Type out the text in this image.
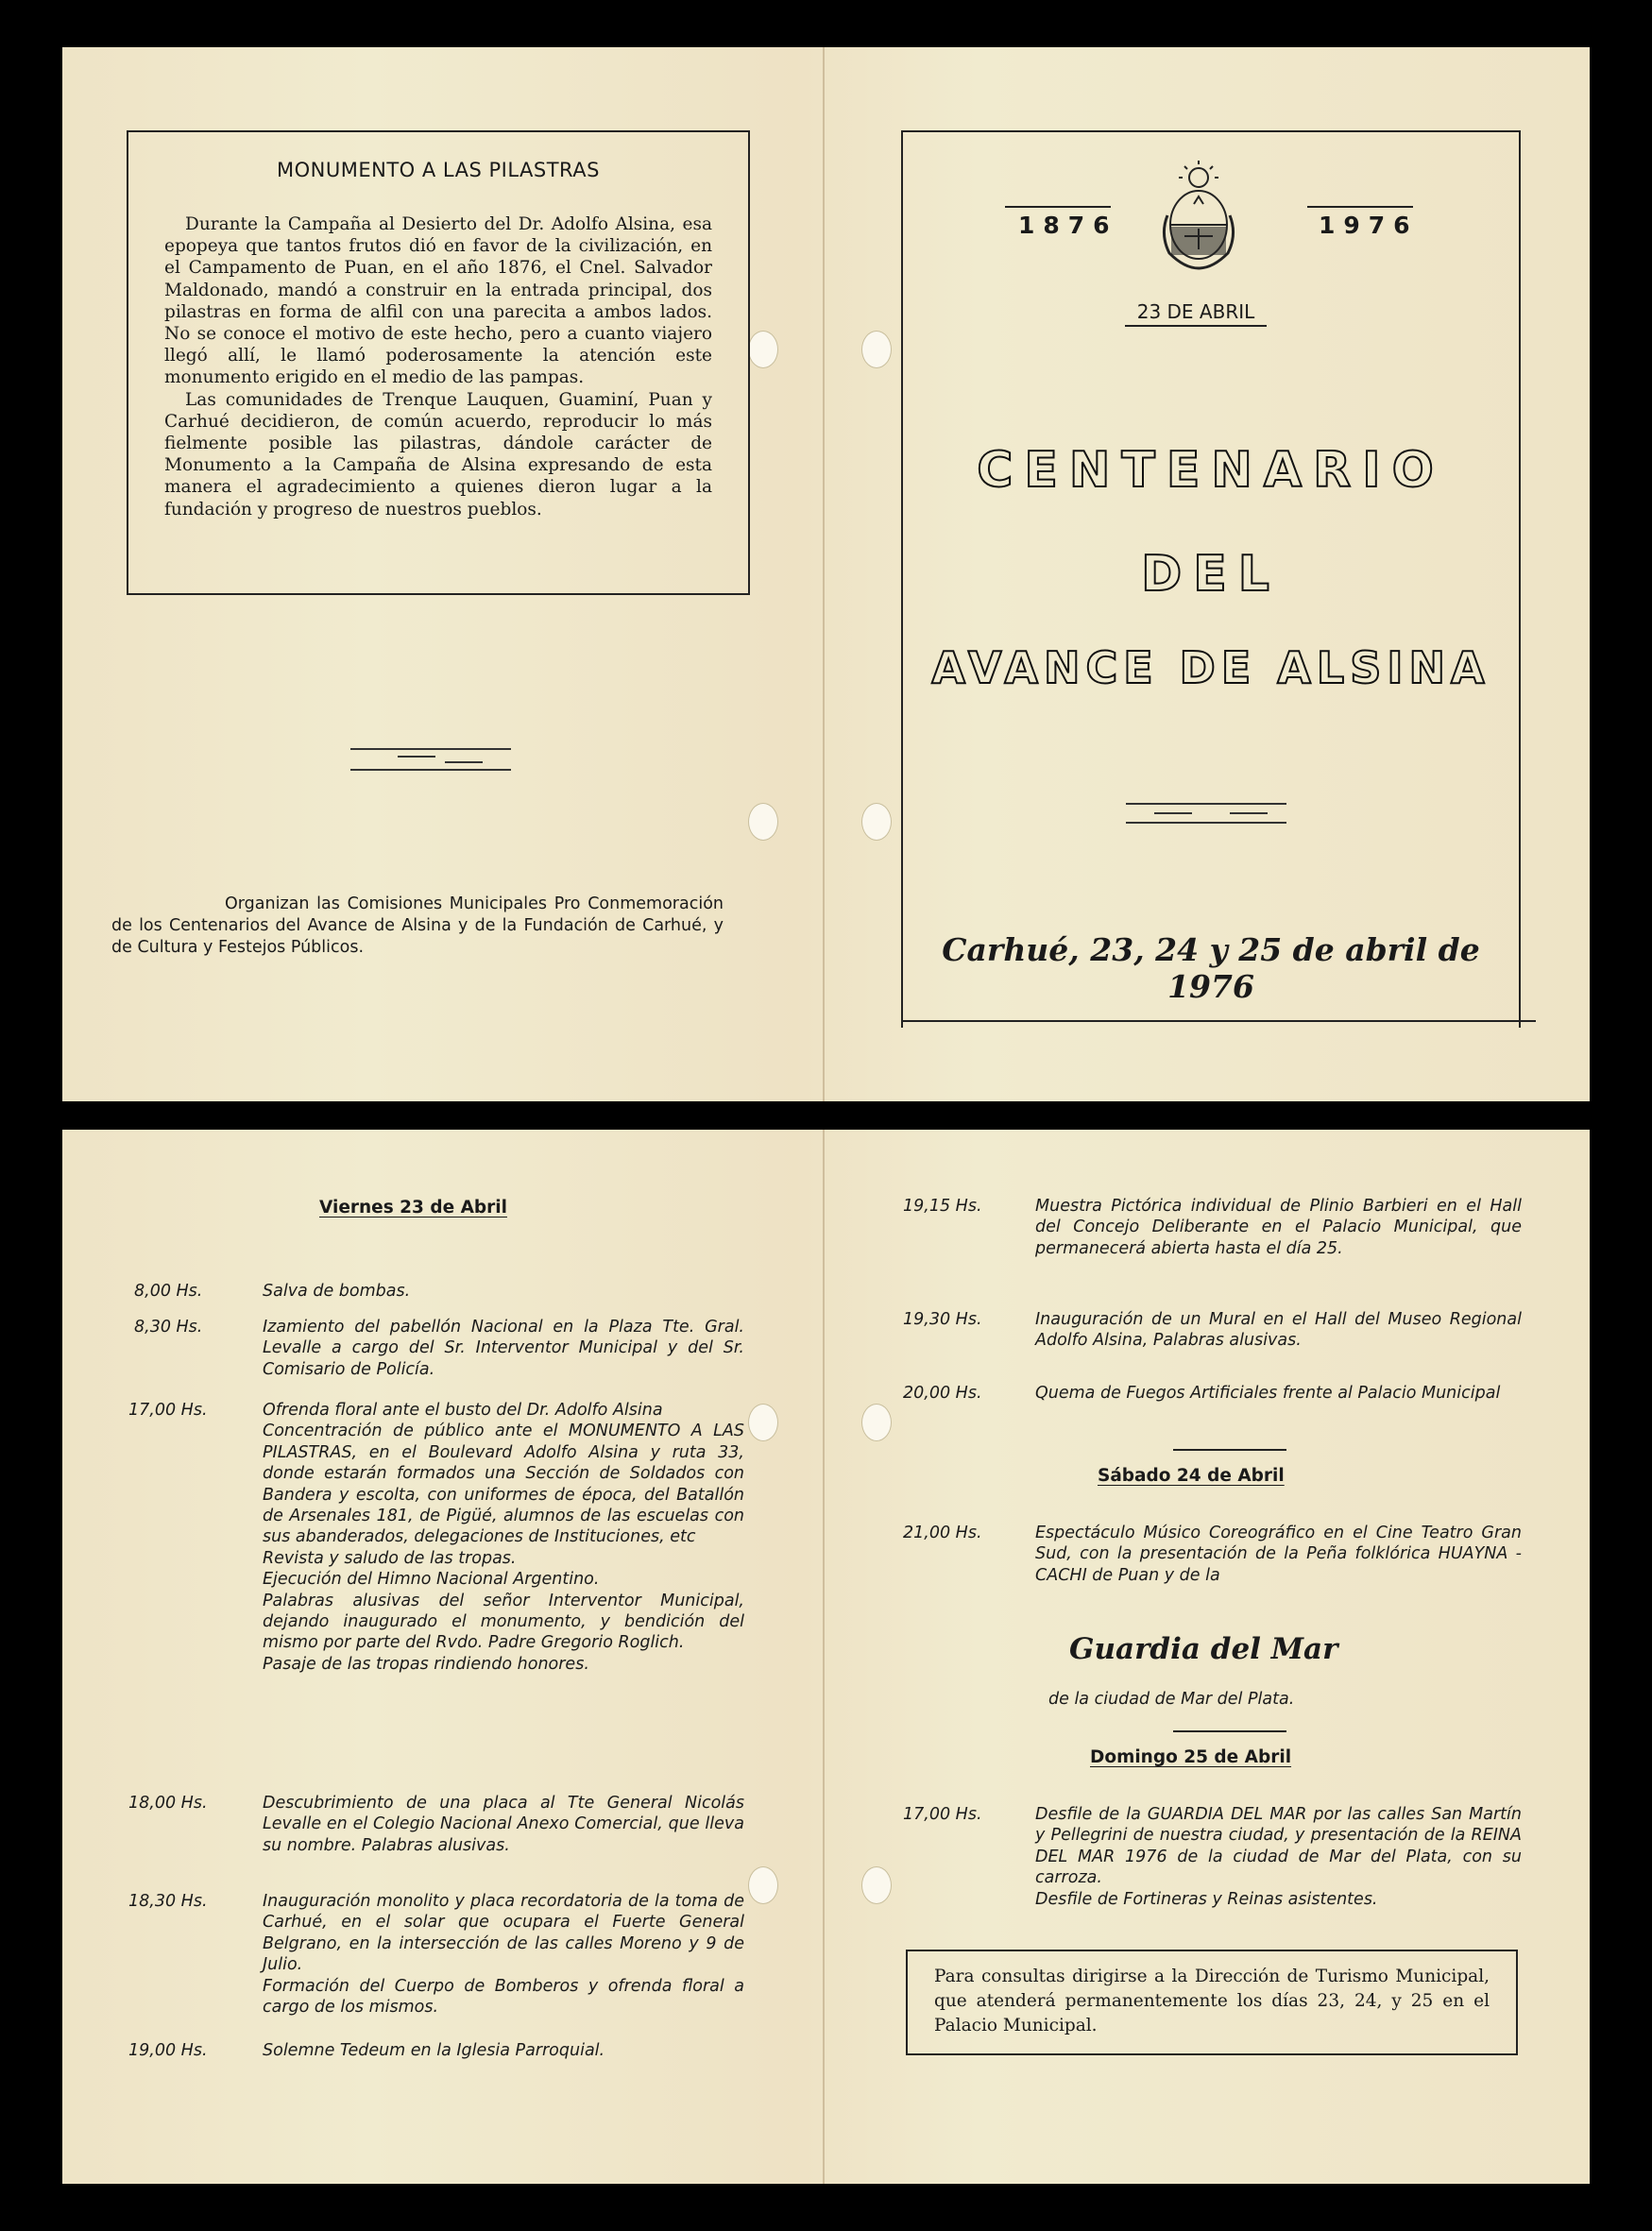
MONUMENTO A LAS PILASTRAS

Durante la Campaña al Desierto del Dr. Adolfo Alsina, esa epopeya que tantos frutos dió en favor de la civilización, en el Campamento de Puan, en el año 1876, el Cnel. Salvador Maldonado, mandó a construir en la entrada principal, dos pilastras en forma de alfil con una parecita a ambos lados. No se conoce el motivo de este hecho, pero a cuanto viajero llegó allí, le llamó poderosamente la atención este monumento erigido en el medio de las pampas.

Las comunidades de Trenque Lauquen, Guaminí, Puan y Carhué decidieron, de común acuerdo, reproducir lo más fielmente posible las pilastras, dándole carácter de Monumento a la Campaña de Alsina expresando de esta manera el agradecimiento a quienes dieron lugar a la fundación y progreso de nuestros pueblos.

Organizan las Comisiones Municipales Pro Conmemoración de los Centenarios del Avance de Alsina y de la Fundación de Carhué, y de Cultura y Festejos Públicos.
1876	1976
23 DE ABRIL
CENTENARIO
DEL
AVANCE DE ALSINA
Carhué, 23, 24 y 25 de abril de 1976
Viernes 23 de Abril
8,00 Hs.	Salva de bombas.
8,30 Hs.	Izamiento del pabellón Nacional en la Plaza Tte. Gral. Levalle a cargo del Sr. Interventor Municipal y del Sr. Comisario de Policía.
17,00 Hs.	Ofrenda floral ante el busto del Dr. Adolfo Alsina
Concentración de público ante el MONUMENTO A LAS PILASTRAS, en el Boulevard Adolfo Alsina y ruta 33, donde estarán formados una Sección de Soldados con Bandera y escolta, con uniformes de época, del Batallón de Arsenales 181, de Pigüé, alumnos de las escuelas con sus abanderados, delegaciones de Instituciones, etc
Revista y saludo de las tropas.
Ejecución del Himno Nacional Argentino.
Palabras alusivas del señor Interventor Municipal, dejando inaugurado el monumento, y bendición del mismo por parte del Rvdo. Padre Gregorio Roglich.
Pasaje de las tropas rindiendo honores.
18,00 Hs.	Descubrimiento de una placa al Tte General Nicolás Levalle en el Colegio Nacional Anexo Comercial, que lleva su nombre. Palabras alusivas.
18,30 Hs.	Inauguración monolito y placa recordatoria de la toma de Carhué, en el solar que ocupara el Fuerte General Belgrano, en la intersección de las calles Moreno y 9 de Julio.
Formación del Cuerpo de Bomberos y ofrenda floral a cargo de los mismos.
19,00 Hs.	Solemne Tedeum en la Iglesia Parroquial.
19,15 Hs.	Muestra Pictórica individual de Plinio Barbieri en el Hall del Concejo Deliberante en el Palacio Municipal, que permanecerá abierta hasta el día 25.
19,30 Hs.	Inauguración de un Mural en el Hall del Museo Regional Adolfo Alsina, Palabras alusivas.
20,00 Hs.	Quema de Fuegos Artificiales frente al Palacio Municipal
Sábado 24 de Abril
21,00 Hs.	Espectáculo Músico Coreográfico en el Cine Teatro Gran Sud, con la presentación de la Peña folklórica HUAYNA - CACHI de Puan y de la
Guardia del Mar
de la ciudad de Mar del Plata.
Domingo 25 de Abril
17,00 Hs.	Desfile de la GUARDIA DEL MAR por las calles San Martín y Pellegrini de nuestra ciudad, y presentación de la REINA DEL MAR 1976 de la ciudad de Mar del Plata, con su carroza.
Desfile de Fortineras y Reinas asistentes.
Para consultas dirigirse a la Dirección de Turismo Municipal, que atenderá permanentemente los días 23, 24, y 25 en el Palacio Municipal.
